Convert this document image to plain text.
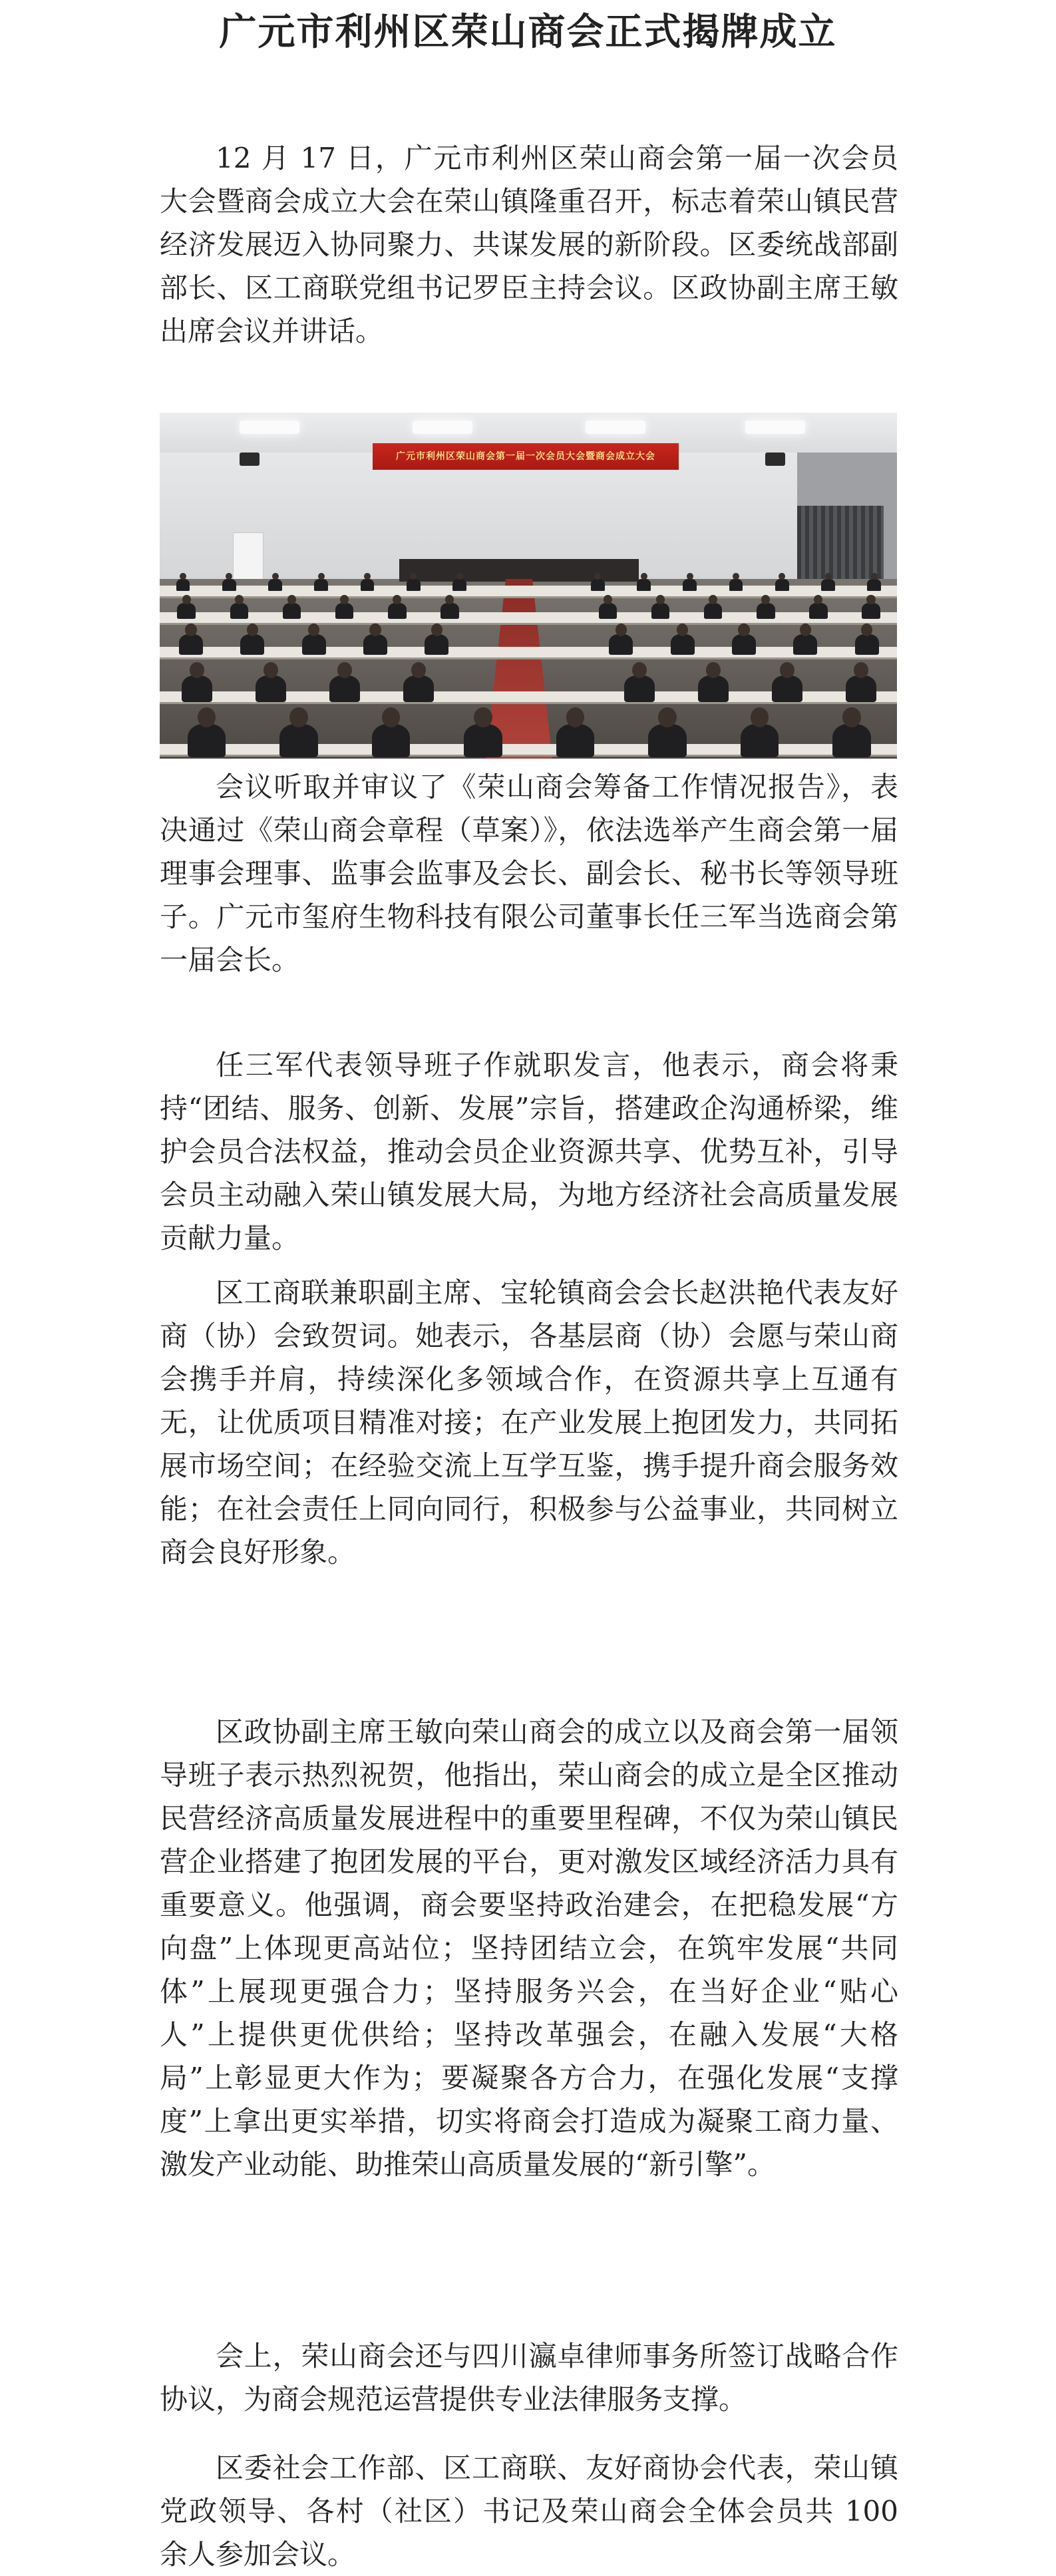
广元市利州区荣山商会正式揭牌成立

12 月 17 日，广元市利州区荣山商会第一届一次会员大会暨商会成立大会在荣山镇隆重召开，标志着荣山镇民营经济发展迈入协同聚力、共谋发展的新阶段。区委统战部副部长、区工商联党组书记罗臣主持会议。区政协副主席王敏出席会议并讲话。

广元市利州区荣山商会第一届一次会员大会暨商会成立大会

会议听取并审议了《荣山商会筹备工作情况报告》，表决通过《荣山商会章程（草案）》，依法选举产生商会第一届理事会理事、监事会监事及会长、副会长、秘书长等领导班子。广元市玺府生物科技有限公司董事长任三军当选商会第一届会长。

任三军代表领导班子作就职发言，他表示，商会将秉持“团结、服务、创新、发展”宗旨，搭建政企沟通桥梁，维护会员合法权益，推动会员企业资源共享、优势互补，引导会员主动融入荣山镇发展大局，为地方经济社会高质量发展贡献力量。

区工商联兼职副主席、宝轮镇商会会长赵洪艳代表友好商（协）会致贺词。她表示，各基层商（协）会愿与荣山商会携手并肩，持续深化多领域合作，在资源共享上互通有无，让优质项目精准对接；在产业发展上抱团发力，共同拓展市场空间；在经验交流上互学互鉴，携手提升商会服务效能；在社会责任上同向同行，积极参与公益事业，共同树立商会良好形象。

区政协副主席王敏向荣山商会的成立以及商会第一届领导班子表示热烈祝贺，他指出，荣山商会的成立是全区推动民营经济高质量发展进程中的重要里程碑，不仅为荣山镇民营企业搭建了抱团发展的平台，更对激发区域经济活力具有重要意义。他强调，商会要坚持政治建会，在把稳发展“方向盘”上体现更高站位；坚持团结立会，在筑牢发展“共同体”上展现更强合力；坚持服务兴会，在当好企业“贴心人”上提供更优供给；坚持改革强会，在融入发展“大格局”上彰显更大作为；要凝聚各方合力，在强化发展“支撑度”上拿出更实举措，切实将商会打造成为凝聚工商力量、激发产业动能、助推荣山高质量发展的“新引擎”。

会上，荣山商会还与四川瀛卓律师事务所签订战略合作协议，为商会规范运营提供专业法律服务支撑。

区委社会工作部、区工商联、友好商协会代表，荣山镇党政领导、各村（社区）书记及荣山商会全体会员共 100 余人参加会议。
